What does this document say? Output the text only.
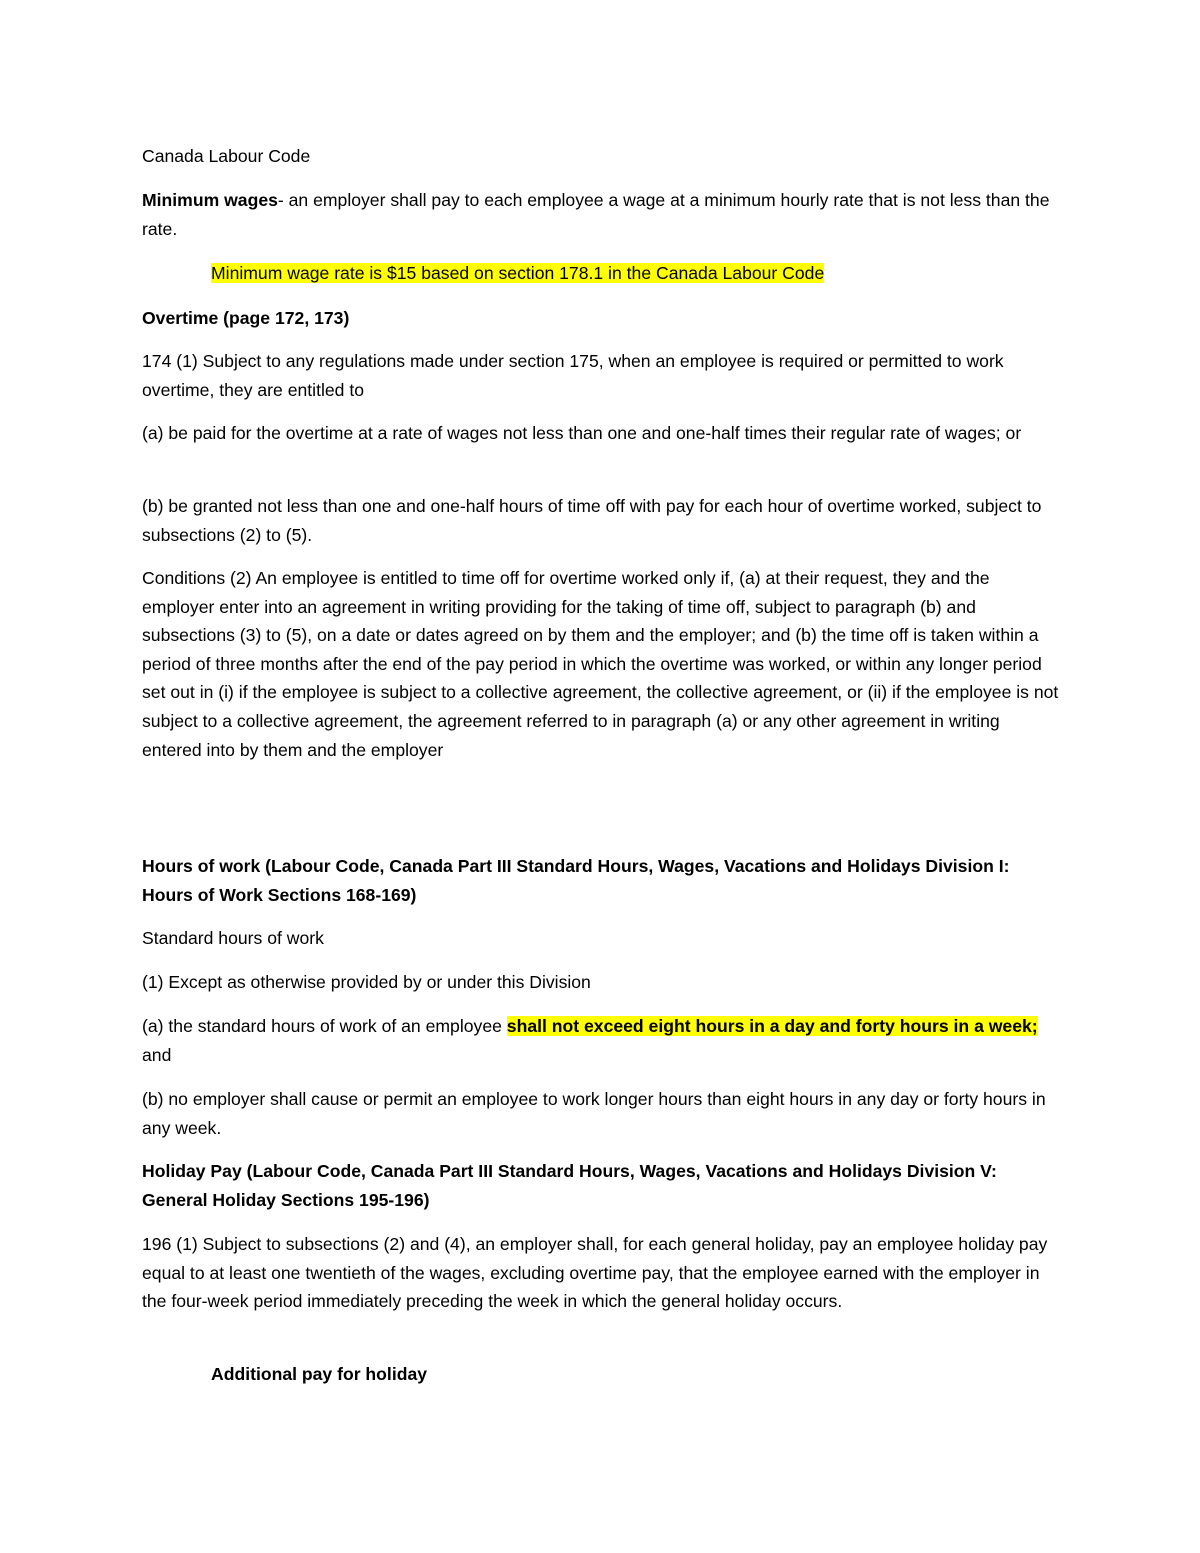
Canada Labour Code

Minimum wages- an employer shall pay to each employee a wage at a minimum hourly rate that is not less than the rate.

Minimum wage rate is $15 based on section 178.1 in the Canada Labour Code

Overtime (page 172, 173)

174 (1) Subject to any regulations made under section 175, when an employee is required or permitted to work overtime, they are entitled to

(a) be paid for the overtime at a rate of wages not less than one and one-half times their regular rate of wages; or

(b) be granted not less than one and one-half hours of time off with pay for each hour of overtime worked, subject to subsections (2) to (5).

Conditions (2) An employee is entitled to time off for overtime worked only if, (a) at their request, they and the employer enter into an agreement in writing providing for the taking of time off, subject to paragraph (b) and subsections (3) to (5), on a date or dates agreed on by them and the employer; and (b) the time off is taken within a period of three months after the end of the pay period in which the overtime was worked, or within any longer period set out in (i) if the employee is subject to a collective agreement, the collective agreement, or (ii) if the employee is not subject to a collective agreement, the agreement referred to in paragraph (a) or any other agreement in writing entered into by them and the employer

Hours of work (Labour Code, Canada Part III Standard Hours, Wages, Vacations and Holidays Division I: Hours of Work Sections 168-169)

Standard hours of work

(1) Except as otherwise provided by or under this Division

(a) the standard hours of work of an employee shall not exceed eight hours in a day and forty hours in a week; and

(b) no employer shall cause or permit an employee to work longer hours than eight hours in any day or forty hours in any week.

Holiday Pay (Labour Code, Canada Part III Standard Hours, Wages, Vacations and Holidays Division V: General Holiday Sections 195-196)

196 (1) Subject to subsections (2) and (4), an employer shall, for each general holiday, pay an employee holiday pay equal to at least one twentieth of the wages, excluding overtime pay, that the employee earned with the employer in the four-week period immediately preceding the week in which the general holiday occurs.

Additional pay for holiday
